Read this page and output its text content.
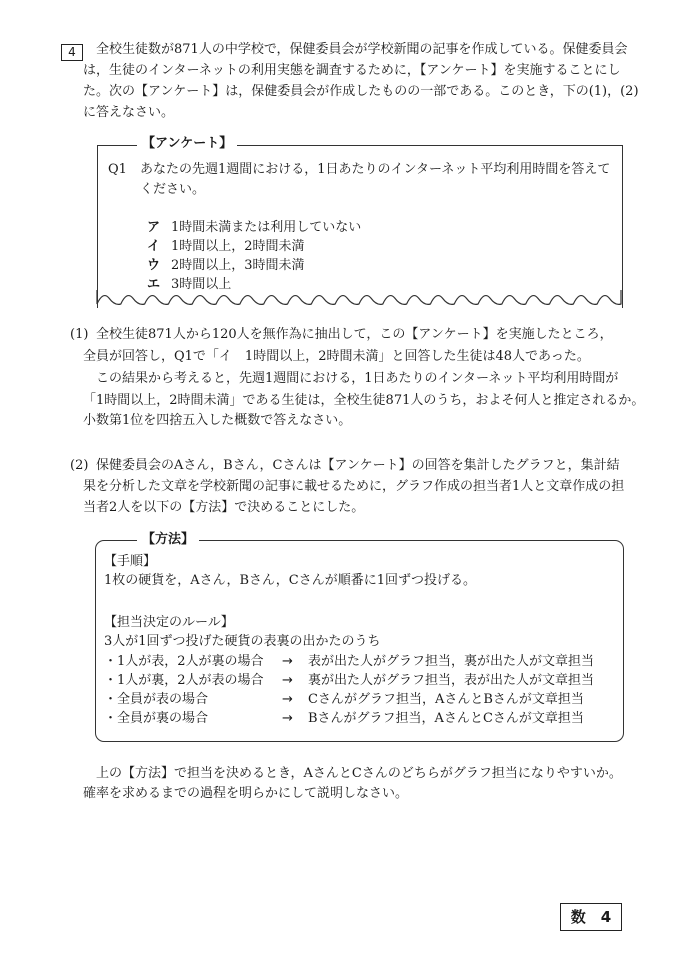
4	全校生徒数が871人の中学校で，保健委員会が学校新聞の記事を作成している。保健委員会
は，生徒のインターネットの利用実態を調査するために，【アンケート】を実施することにし
た。次の【アンケート】は，保健委員会が作成したものの一部である。このとき，下の(1)，(2)
に答えなさい。
【アンケート】
Q1 あなたの先週1週間における，1日あたりのインターネット平均利用時間を答えて
ください。
ア 1時間未満または利用していない
イ 1時間以上，2時間未満
ウ 2時間以上，3時間未満
エ 3時間以上
(1) 全校生徒871人から120人を無作為に抽出して，この【アンケート】を実施したところ，
全員が回答し，Q1で「イ　1時間以上，2時間未満」と回答した生徒は48人であった。
この結果から考えると，先週1週間における，1日あたりのインターネット平均利用時間が
「1時間以上，2時間未満」である生徒は，全校生徒871人のうち，およそ何人と推定されるか。
小数第1位を四捨五入した概数で答えなさい。
(2) 保健委員会のAさん，Bさん，Cさんは【アンケート】の回答を集計したグラフと，集計結
果を分析した文章を学校新聞の記事に載せるために，グラフ作成の担当者1人と文章作成の担
当者2人を以下の【方法】で決めることにした。
【方法】
【手順】
1枚の硬貨を，Aさん，Bさん，Cさんが順番に1回ずつ投げる。
【担当決定のルール】
3人が1回ずつ投げた硬貨の表裏の出かたのうち
・1人が表，2人が裏の場合 → 表が出た人がグラフ担当，裏が出た人が文章担当
・1人が裏，2人が表の場合 → 裏が出た人がグラフ担当，表が出た人が文章担当
・全員が表の場合	→ Cさんがグラフ担当，AさんとBさんが文章担当
・全員が裏の場合	→ Bさんがグラフ担当，AさんとCさんが文章担当
上の【方法】で担当を決めるとき，AさんとCさんのどちらがグラフ担当になりやすいか。
確率を求めるまでの過程を明らかにして説明しなさい。
数　4
